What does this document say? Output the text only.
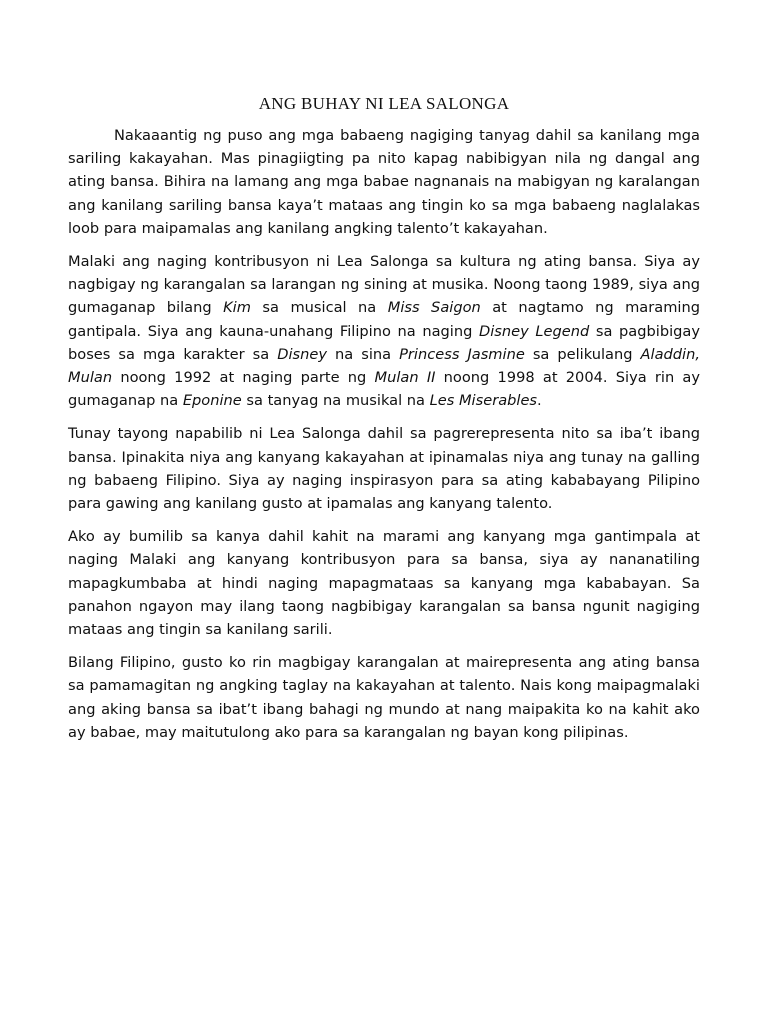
ANG BUHAY NI LEA SALONGA

Nakaaantig ng puso ang mga babaeng nagiging tanyag dahil sa kanilang mga sariling kakayahan. Mas pinagiigting pa nito kapag nabibigyan nila ng dangal ang ating bansa. Bihira na lamang ang mga babae nagnanais na mabigyan ng karalangan ang kanilang sariling bansa kaya’t mataas ang tingin ko sa mga babaeng naglalakas loob para maipamalas ang kanilang angking talento’t kakayahan.

Malaki ang naging kontribusyon ni Lea Salonga sa kultura ng ating bansa. Siya ay nagbigay ng karangalan sa larangan ng sining at musika. Noong taong 1989, siya ang gumaganap bilang Kim sa musical na Miss Saigon at nagtamo ng maraming gantipala. Siya ang kauna-unahang Filipino na naging Disney Legend sa pagbibigay boses sa mga karakter sa Disney na sina Princess Jasmine sa pelikulang Aladdin, Mulan noong 1992 at naging parte ng Mulan II noong 1998 at 2004. Siya rin ay gumaganap na Eponine sa tanyag na musikal na Les Miserables.

Tunay tayong napabilib ni Lea Salonga dahil sa pagrerepresenta nito sa iba’t ibang bansa. Ipinakita niya ang kanyang kakayahan at ipinamalas niya ang tunay na galling ng babaeng Filipino. Siya ay naging inspirasyon para sa ating kababayang Pilipino para gawing ang kanilang gusto at ipamalas ang kanyang talento.

Ako ay bumilib sa kanya dahil kahit na marami ang kanyang mga gantimpala at naging Malaki ang kanyang kontribusyon para sa bansa, siya ay nananatiling mapagkumbaba at hindi naging mapagmataas sa kanyang mga kababayan. Sa panahon ngayon may ilang taong nagbibigay karangalan sa bansa ngunit nagiging mataas ang tingin sa kanilang sarili.

Bilang Filipino, gusto ko rin magbigay karangalan at mairepresenta ang ating bansa sa pamamagitan ng angking taglay na kakayahan at talento. Nais kong maipagmalaki ang aking bansa sa ibat’t ibang bahagi ng mundo at nang maipakita ko na kahit ako ay babae, may maitutulong ako para sa karangalan ng bayan kong pilipinas.
